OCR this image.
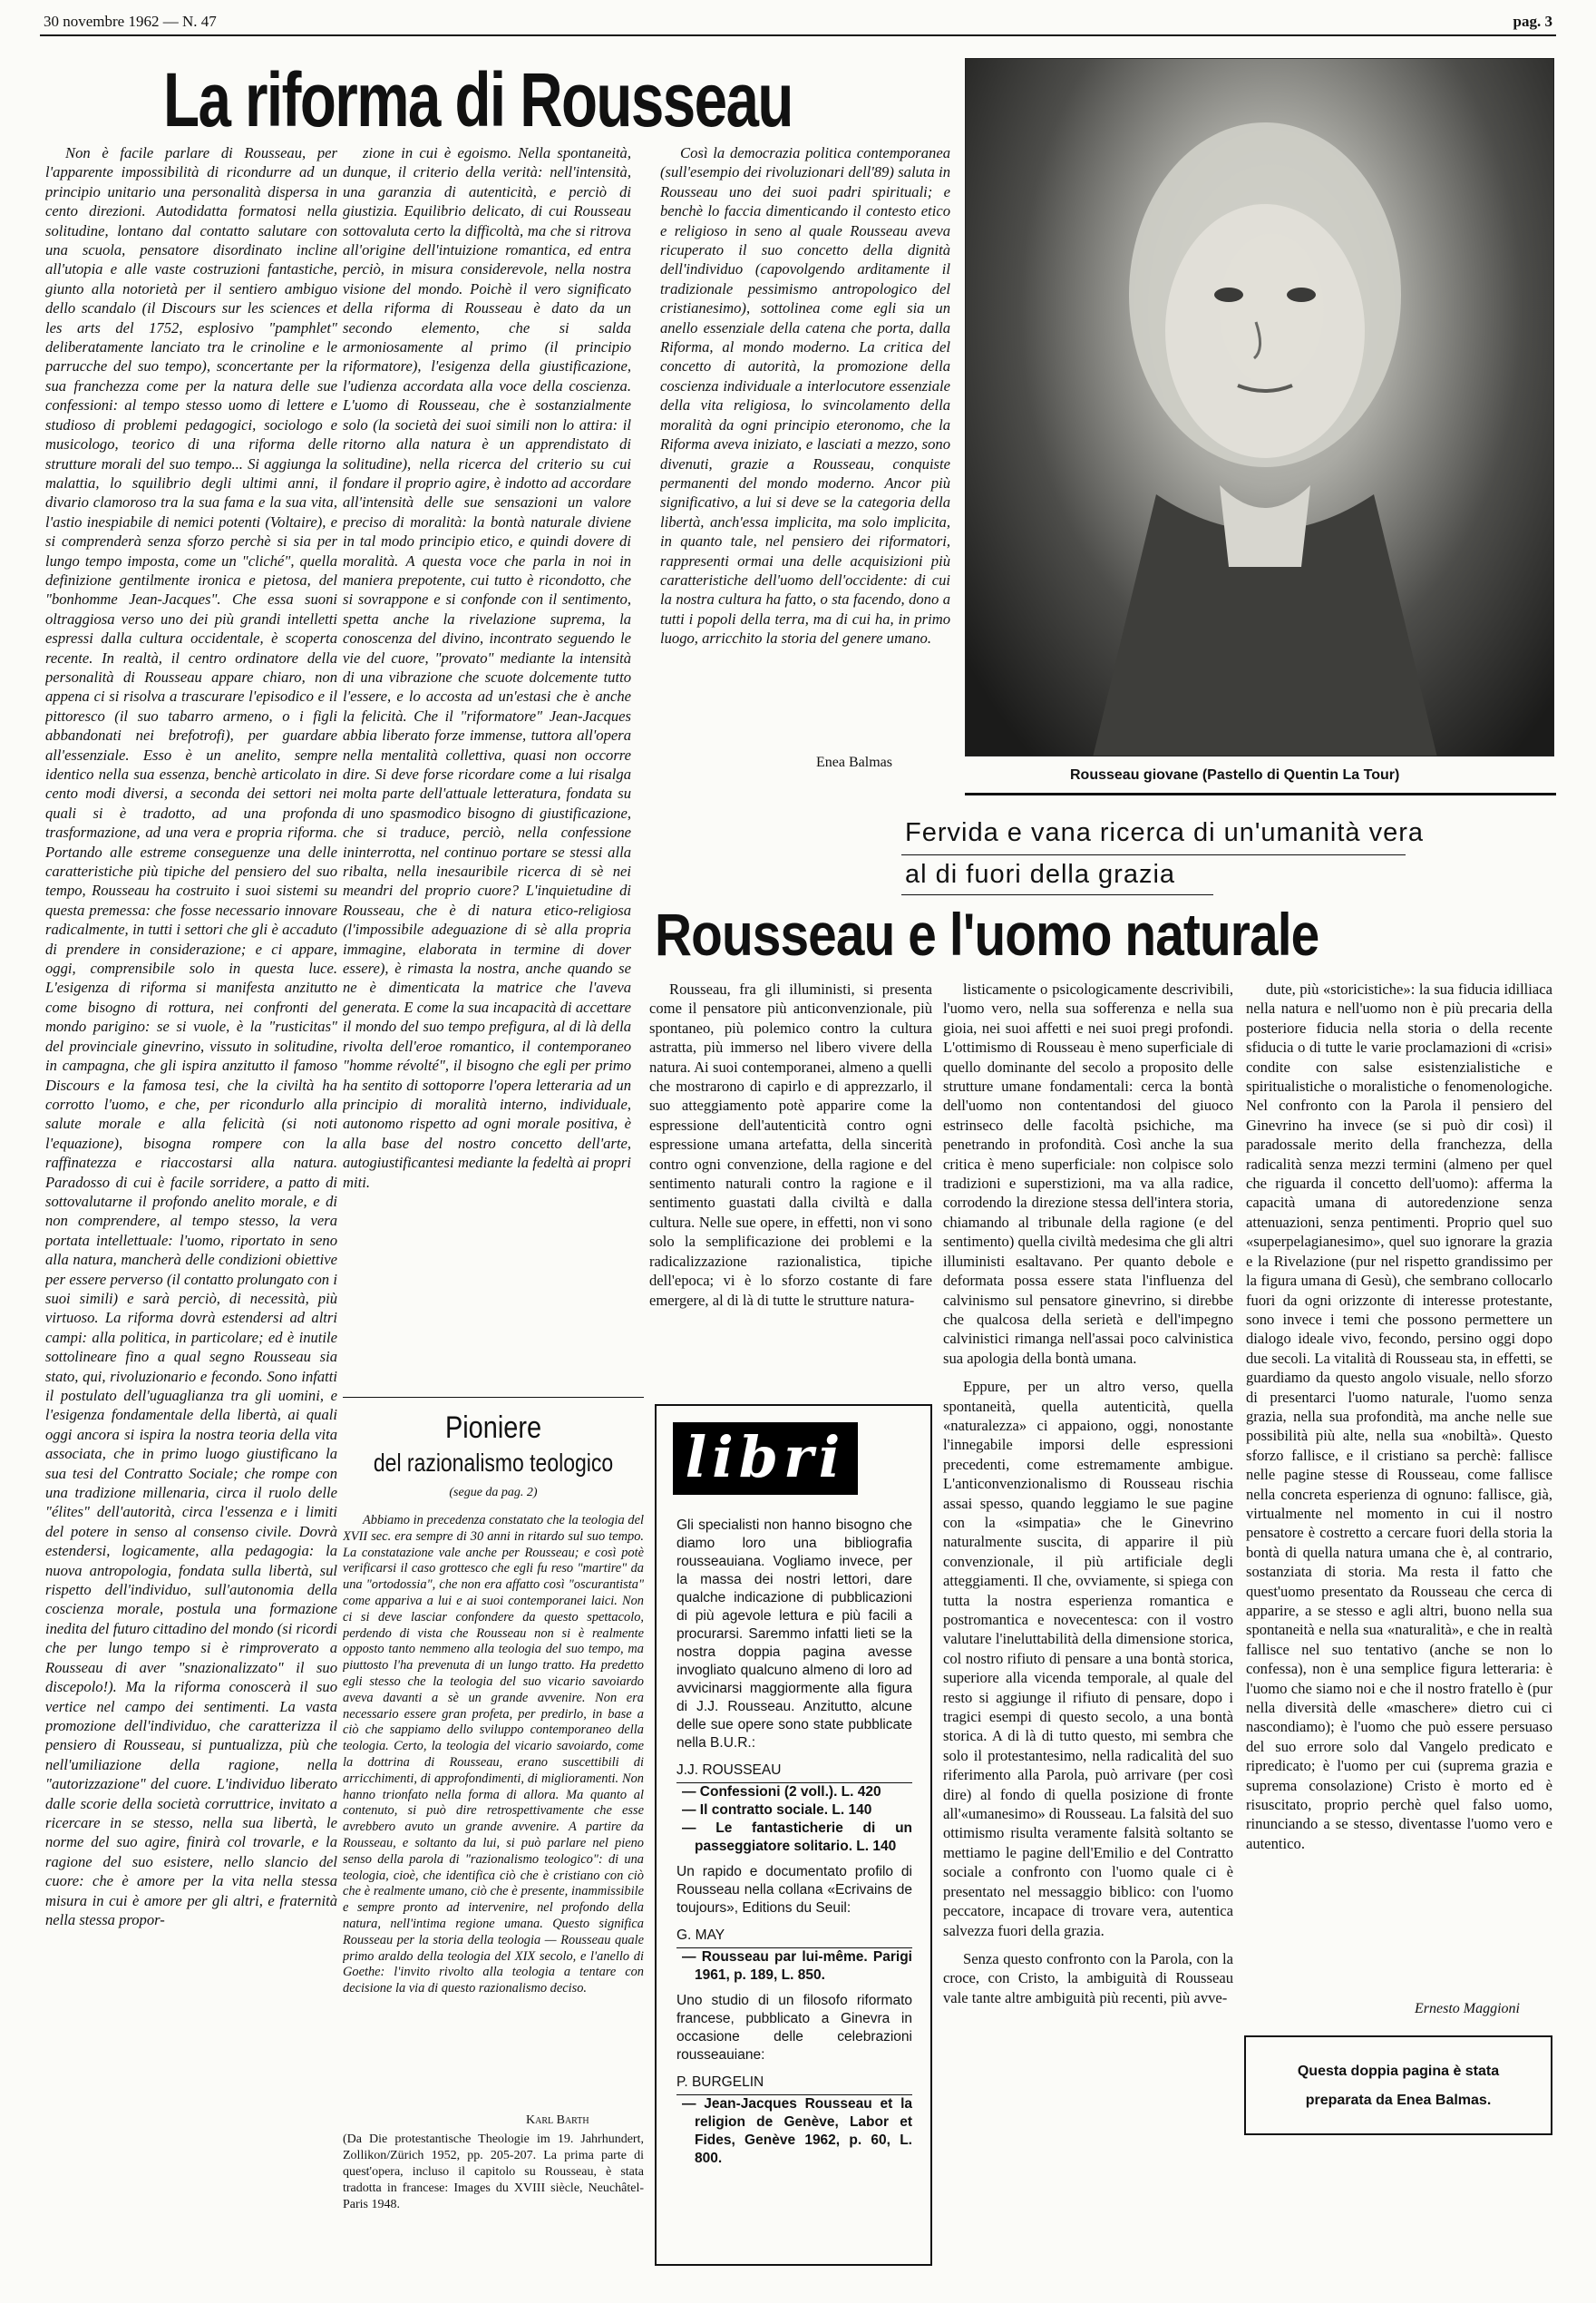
30 novembre 1962 — N. 47	pag. 3
La riforma di Rousseau

Non è facile parlare di Rousseau, per l'apparente impossibilità di ricondurre ad un principio unitario una personalità dispersa in cento direzioni. Autodidatta formatosi nella solitudine, lontano dal contatto salutare con una scuola, pensatore disordinato incline all'utopia e alle vaste costruzioni fantastiche, giunto alla notorietà per il sentiero ambiguo dello scandalo (il Discours sur les sciences et les arts del 1752, esplosivo "pamphlet" deliberatamente lanciato tra le crinoline e le parrucche del suo tempo), sconcertante per la sua franchezza come per la natura delle sue confessioni: al tempo stesso uomo di lettere e studioso di problemi pedagogici, sociologo e musicologo, teorico di una riforma delle strutture morali del suo tempo... Si aggiunga la malattia, lo squilibrio degli ultimi anni, il divario clamoroso tra la sua fama e la sua vita, l'astio inespiabile di nemici potenti (Voltaire), e si comprenderà senza sforzo perchè si sia per lungo tempo imposta, come un "cliché", quella definizione gentilmente ironica e pietosa, del "bonhomme Jean-Jacques". Che essa suoni oltraggiosa verso uno dei più grandi intelletti espressi dalla cultura occidentale, è scoperta recente. In realtà, il centro ordinatore della personalità di Rousseau appare chiaro, non appena ci si risolva a trascurare l'episodico e il pittoresco (il suo tabarro armeno, o i figli abbandonati nei brefotrofi), per guardare all'essenziale. Esso è un anelito, sempre identico nella sua essenza, benchè articolato in cento modi diversi, a seconda dei settori nei quali si è tradotto, ad una profonda trasformazione, ad una vera e propria riforma. Portando alle estreme conseguenze una delle caratteristiche più tipiche del pensiero del suo tempo, Rousseau ha costruito i suoi sistemi su questa premessa: che fosse necessario innovare radicalmente, in tutti i settori che gli è accaduto di prendere in considerazione; e ci appare, oggi, comprensibile solo in questa luce. L'esigenza di riforma si manifesta anzitutto come bisogno di rottura, nei confronti del mondo parigino: se si vuole, è la "rusticitas" del provinciale ginevrino, vissuto in solitudine, in campagna, che gli ispira anzitutto il famoso Discours e la famosa tesi, che la civiltà ha corrotto l'uomo, e che, per ricondurlo alla salute morale e alla felicità (si noti l'equazione), bisogna rompere con la raffinatezza e riaccostarsi alla natura. Paradosso di cui è facile sorridere, a patto di sottovalutarne il profondo anelito morale, e di non comprendere, al tempo stesso, la vera portata intellettuale: l'uomo, riportato in seno alla natura, mancherà delle condizioni obiettive per essere perverso (il contatto prolungato con i suoi simili) e sarà perciò, di necessità, più virtuoso. La riforma dovrà estendersi ad altri campi: alla politica, in particolare; ed è inutile sottolineare fino a qual segno Rousseau sia stato, qui, rivoluzionario e fecondo. Sono infatti il postulato dell'uguaglianza tra gli uomini, e l'esigenza fondamentale della libertà, ai quali oggi ancora si ispira la nostra teoria della vita associata, che in primo luogo giustificano la sua tesi del Contratto Sociale; che rompe con una tradizione millenaria, circa il ruolo delle "élites" dell'autorità, circa l'essenza e i limiti del potere in senso al consenso civile. Dovrà estendersi, logicamente, alla pedagogia: la nuova antropologia, fondata sulla libertà, sul rispetto dell'individuo, sull'autonomia della coscienza morale, postula una formazione inedita del futuro cittadino del mondo (si ricordi che per lungo tempo si è rimproverato a Rousseau di aver "snazionalizzato" il suo discepolo!). Ma la riforma conoscerà il suo vertice nel campo dei sentimenti. La vasta promozione dell'individuo, che caratterizza il pensiero di Rousseau, si puntualizza, più che nell'umiliazione della ragione, nella "autorizzazione" del cuore. L'individuo liberato dalle scorie della società corruttrice, invitato a ricercare in se stesso, nella sua libertà, le norme del suo agire, finirà col trovarle, e la ragione del suo esistere, nello slancio del cuore: che è amore per la vita nella stessa misura in cui è amore per gli altri, e fraternità nella stessa propor-

zione in cui è egoismo. Nella spontaneità, dunque, il criterio della verità: nell'intensità, una garanzia di autenticità, e perciò di giustizia. Equilibrio delicato, di cui Rousseau sottovaluta certo la difficoltà, ma che si ritrova all'origine dell'intuizione romantica, ed entra perciò, in misura considerevole, nella nostra visione del mondo. Poichè il vero significato della riforma di Rousseau è dato da un secondo elemento, che si salda armoniosamente al primo (il principio riformatore), l'esigenza della giustificazione, l'udienza accordata alla voce della coscienza. L'uomo di Rousseau, che è sostanzialmente solo (la società dei suoi simili non lo attira: il ritorno alla natura è un apprendistato di solitudine), nella ricerca del criterio su cui fondare il proprio agire, è indotto ad accordare all'intensità delle sue sensazioni un valore preciso di moralità: la bontà naturale diviene in tal modo principio etico, e quindi dovere di moralità. A questa voce che parla in noi in maniera prepotente, cui tutto è ricondotto, che si sovrappone e si confonde con il sentimento, spetta anche la rivelazione suprema, la conoscenza del divino, incontrato seguendo le vie del cuore, "provato" mediante la intensità di una vibrazione che scuote dolcemente tutto l'essere, e lo accosta ad un'estasi che è anche la felicità. Che il "riformatore" Jean-Jacques abbia liberato forze immense, tuttora all'opera nella mentalità collettiva, quasi non occorre dire. Si deve forse ricordare come a lui risalga molta parte dell'attuale letteratura, fondata su di uno spasmodico bisogno di giustificazione, che si traduce, perciò, nella confessione ininterrotta, nel continuo portare se stessi alla ribalta, nella inesauribile ricerca di sè nei meandri del proprio cuore? L'inquietudine di Rousseau, che è di natura etico-religiosa (l'impossibile adeguazione di sè alla propria immagine, elaborata in termine di dover essere), è rimasta la nostra, anche quando se ne è dimenticata la matrice che l'aveva generata. E come la sua incapacità di accettare il mondo del suo tempo prefigura, al di là della rivolta dell'eroe romantico, il contemporaneo "homme révolté", il bisogno che egli per primo ha sentito di sottoporre l'opera letteraria ad un principio di moralità interno, individuale, autonomo rispetto ad ogni morale positiva, è alla base del nostro concetto dell'arte, autogiustificantesi mediante la fedeltà ai propri miti.

Così la democrazia politica contemporanea (sull'esempio dei rivoluzionari dell'89) saluta in Rousseau uno dei suoi padri spirituali; e benchè lo faccia dimenticando il contesto etico e religioso in seno al quale Rousseau aveva ricuperato il suo concetto della dignità dell'individuo (capovolgendo arditamente il tradizionale pessimismo antropologico del cristianesimo), sottolinea come egli sia un anello essenziale della catena che porta, dalla Riforma, al mondo moderno. La critica del concetto di autorità, la promozione della coscienza individuale a interlocutore essenziale della vita religiosa, lo svincolamento della moralità da ogni principio eteronomo, che la Riforma aveva iniziato, e lasciati a mezzo, sono divenuti, grazie a Rousseau, conquiste permanenti del mondo moderno. Ancor più significativo, a lui si deve se la categoria della libertà, anch'essa implicita, ma solo implicita, in quanto tale, nel pensiero dei riformatori, rappresenti ormai una delle acquisizioni più caratteristiche dell'uomo dell'occidente: di cui la nostra cultura ha fatto, o sta facendo, dono a tutti i popoli della terra, ma di cui ha, in primo luogo, arricchito la storia del genere umano.

Enea Balmas
Rousseau giovane (Pastello di Quentin La Tour)
Fervida e vana ricerca di un'umanità vera
al di fuori della grazia
Rousseau e l'uomo naturale

Rousseau, fra gli illuministi, si presenta come il pensatore più anticonvenzionale, più spontaneo, più polemico contro la cultura astratta, più immerso nel libero vivere della natura. Ai suoi contemporanei, almeno a quelli che mostrarono di capirlo e di apprezzarlo, il suo atteggiamento potè apparire come la espressione dell'autenticità contro ogni espressione umana artefatta, della sincerità contro ogni convenzione, della ragione e del sentimento naturali contro la ragione e il sentimento guastati dalla civiltà e dalla cultura. Nelle sue opere, in effetti, non vi sono solo la semplificazione dei problemi e la radicalizzazione razionalistica, tipiche dell'epoca; vi è lo sforzo costante di fare emergere, al di là di tutte le strutture natura-

listicamente o psicologicamente descrivibili, l'uomo vero, nella sua sofferenza e nella sua gioia, nei suoi affetti e nei suoi pregi profondi. L'ottimismo di Rousseau è meno superficiale di quello dominante del secolo a proposito delle strutture umane fondamentali: cerca la bontà dell'uomo non contentandosi del giuoco estrinseco delle facoltà psichiche, ma penetrando in profondità. Così anche la sua critica è meno superficiale: non colpisce solo tradizioni e superstizioni, ma va alla radice, corrodendo la direzione stessa dell'intera storia, chiamando al tribunale della ragione (e del sentimento) quella civiltà medesima che gli altri illuministi esaltavano. Per quanto debole e deformata possa essere stata l'influenza del calvinismo sul pensatore ginevrino, si direbbe che qualcosa della serietà e dell'impegno calvinistici rimanga nell'assai poco calvinistica sua apologia della bontà umana.

Eppure, per un altro verso, quella spontaneità, quella autenticità, quella «naturalezza» ci appaiono, oggi, nonostante l'innegabile imporsi delle espressioni precedenti, come estremamente ambigue. L'anticonvenzionalismo di Rousseau rischia assai spesso, quando leggiamo le sue pagine con la «simpatia» che le Ginevrino naturalmente suscita, di apparire il più convenzionale, il più artificiale degli atteggiamenti. Il che, ovviamente, si spiega con tutta la nostra esperienza romantica e postromantica e novecentesca: con il vostro valutare l'ineluttabilità della dimensione storica, col nostro rifiuto di pensare a una bontà storica, superiore alla vicenda temporale, al quale del resto si aggiunge il rifiuto di pensare, dopo i tragici esempi di questo secolo, a una bontà storica. A di là di tutto questo, mi sembra che solo il protestantesimo, nella radicalità del suo riferimento alla Parola, può arrivare (per così dire) al fondo di quella posizione di fronte all'«umanesimo» di Rousseau. La falsità del suo ottimismo risulta veramente falsità soltanto se mettiamo le pagine dell'Emilio e del Contratto sociale a confronto con l'uomo quale ci è presentato nel messaggio biblico: con l'uomo peccatore, incapace di trovare vera, autentica salvezza fuori della grazia.

Senza questo confronto con la Parola, con la croce, con Cristo, la ambiguità di Rousseau vale tante altre ambiguità più recenti, più avve-

dute, più «storicistiche»: la sua fiducia idilliaca nella natura e nell'uomo non è più precaria della posteriore fiducia nella storia o della recente sfiducia o di tutte le varie proclamazioni di «crisi» condite con salse esistenzialistiche e spiritualistiche o moralistiche o fenomenologiche. Nel confronto con la Parola il pensiero del Ginevrino ha invece (se si può dir così) il paradossale merito della franchezza, della radicalità senza mezzi termini (almeno per quel che riguarda il concetto dell'uomo): afferma la capacità umana di autoredenzione senza attenuazioni, senza pentimenti. Proprio quel suo «superpelagianesimo», quel suo ignorare la grazia e la Rivelazione (pur nel rispetto grandissimo per la figura umana di Gesù), che sembrano collocarlo fuori da ogni orizzonte di interesse protestante, sono invece i temi che possono permettere un dialogo ideale vivo, fecondo, persino oggi dopo due secoli. La vitalità di Rousseau sta, in effetti, se guardiamo da questo angolo visuale, nello sforzo di presentarci l'uomo naturale, l'uomo senza grazia, nella sua profondità, ma anche nelle sue possibilità più alte, nella sua «nobiltà». Questo sforzo fallisce, e il cristiano sa perchè: fallisce nelle pagine stesse di Rousseau, come fallisce nella concreta esperienza di ognuno: fallisce, già, virtualmente nel momento in cui il nostro pensatore è costretto a cercare fuori della storia la bontà di quella natura umana che è, al contrario, sostanziata di storia. Ma resta il fatto che quest'uomo presentato da Rousseau che cerca di apparire, a se stesso e agli altri, buono nella sua spontaneità e nella sua «naturalità», e che in realtà fallisce nel suo tentativo (anche se non lo confessa), non è una semplice figura letteraria: è l'uomo che siamo noi e che il nostro fratello è (pur nella diversità delle «maschere» dietro cui ci nascondiamo); è l'uomo che può essere persuaso del suo errore solo dal Vangelo predicato e ripredicato; è l'uomo per cui (suprema grazia e suprema consolazione) Cristo è morto ed è risuscitato, proprio perchè quel falso uomo, rinunciando a se stesso, diventasse l'uomo vero e autentico.

Ernesto Maggioni
Questa doppia pagina è stata preparata da Enea Balmas.
Pioniere
del razionalismo teologico
(segue da pag. 2)

Abbiamo in precedenza constatato che la teologia del XVII sec. era sempre di 30 anni in ritardo sul suo tempo. La constatazione vale anche per Rousseau; e così potè verificarsi il caso grottesco che egli fu reso "martire" da una "ortodossia", che non era affatto così "oscurantista" come appariva a lui e ai suoi contemporanei laici. Non ci si deve lasciar confondere da questo spettacolo, perdendo di vista che Rousseau non si è realmente opposto tanto nemmeno alla teologia del suo tempo, ma piuttosto l'ha prevenuta di un lungo tratto. Ha predetto egli stesso che la teologia del suo vicario savoiardo aveva davanti a sè un grande avvenire. Non era necessario essere gran profeta, per predirlo, in base a ciò che sappiamo dello sviluppo contemporaneo della teologia. Certo, la teologia del vicario savoiardo, come la dottrina di Rousseau, erano suscettibili di arricchimenti, di approfondimenti, di miglioramenti. Non hanno trionfato nella forma di allora. Ma quanto al contenuto, si può dire retrospettivamente che esse avrebbero avuto un grande avvenire. A partire da Rousseau, e soltanto da lui, si può parlare nel pieno senso della parola di "razionalismo teologico": di una teologia, cioè, che identifica ciò che è cristiano con ciò che è realmente umano, ciò che è presente, inammissibile e sempre pronto ad intervenire, nel profondo della natura, nell'intima regione umana. Questo significa Rousseau per la storia della teologia — Rousseau quale primo araldo della teologia del XIX secolo, e l'anello di Goethe: l'invito rivolto alla teologia a tentare con decisione la via di questo razionalismo deciso.

Karl Barth

(Da Die protestantische Theologie im 19. Jahrhundert, Zollikon/Zürich 1952, pp. 205-207. La prima parte di quest'opera, incluso il capitolo su Rousseau, è stata tradotta in francese: Images du XVIII siècle, Neuchâtel-Paris 1948.

libri
Gli specialisti non hanno bisogno che diamo loro una bibliografia rousseauiana. Vogliamo invece, per la massa dei nostri lettori, dare qualche indicazione di pubblicazioni di più agevole lettura e più facili a procurarsi. Saremmo infatti lieti se la nostra doppia pagina avesse invogliato qualcuno almeno di loro ad avvicinarsi maggiormente alla figura di J.J. Rousseau. Anzitutto, alcune delle sue opere sono state pubblicate nella B.U.R.:
J.J. ROUSSEAU
— Confessioni (2 voll.). L. 420
— Il contratto sociale. L. 140
— Le fantasticherie di un passeggiatore solitario. L. 140
Un rapido e documentato profilo di Rousseau nella collana «Ecrivains de toujours», Editions du Seuil:
G. MAY
— Rousseau par lui-même. Parigi 1961, p. 189, L. 850.
Uno studio di un filosofo riformato francese, pubblicato a Ginevra in occasione delle celebrazioni rousseauiane:
P. BURGELIN
— Jean-Jacques Rousseau et la religion de Genève, Labor et Fides, Genève 1962, p. 60, L. 800.
